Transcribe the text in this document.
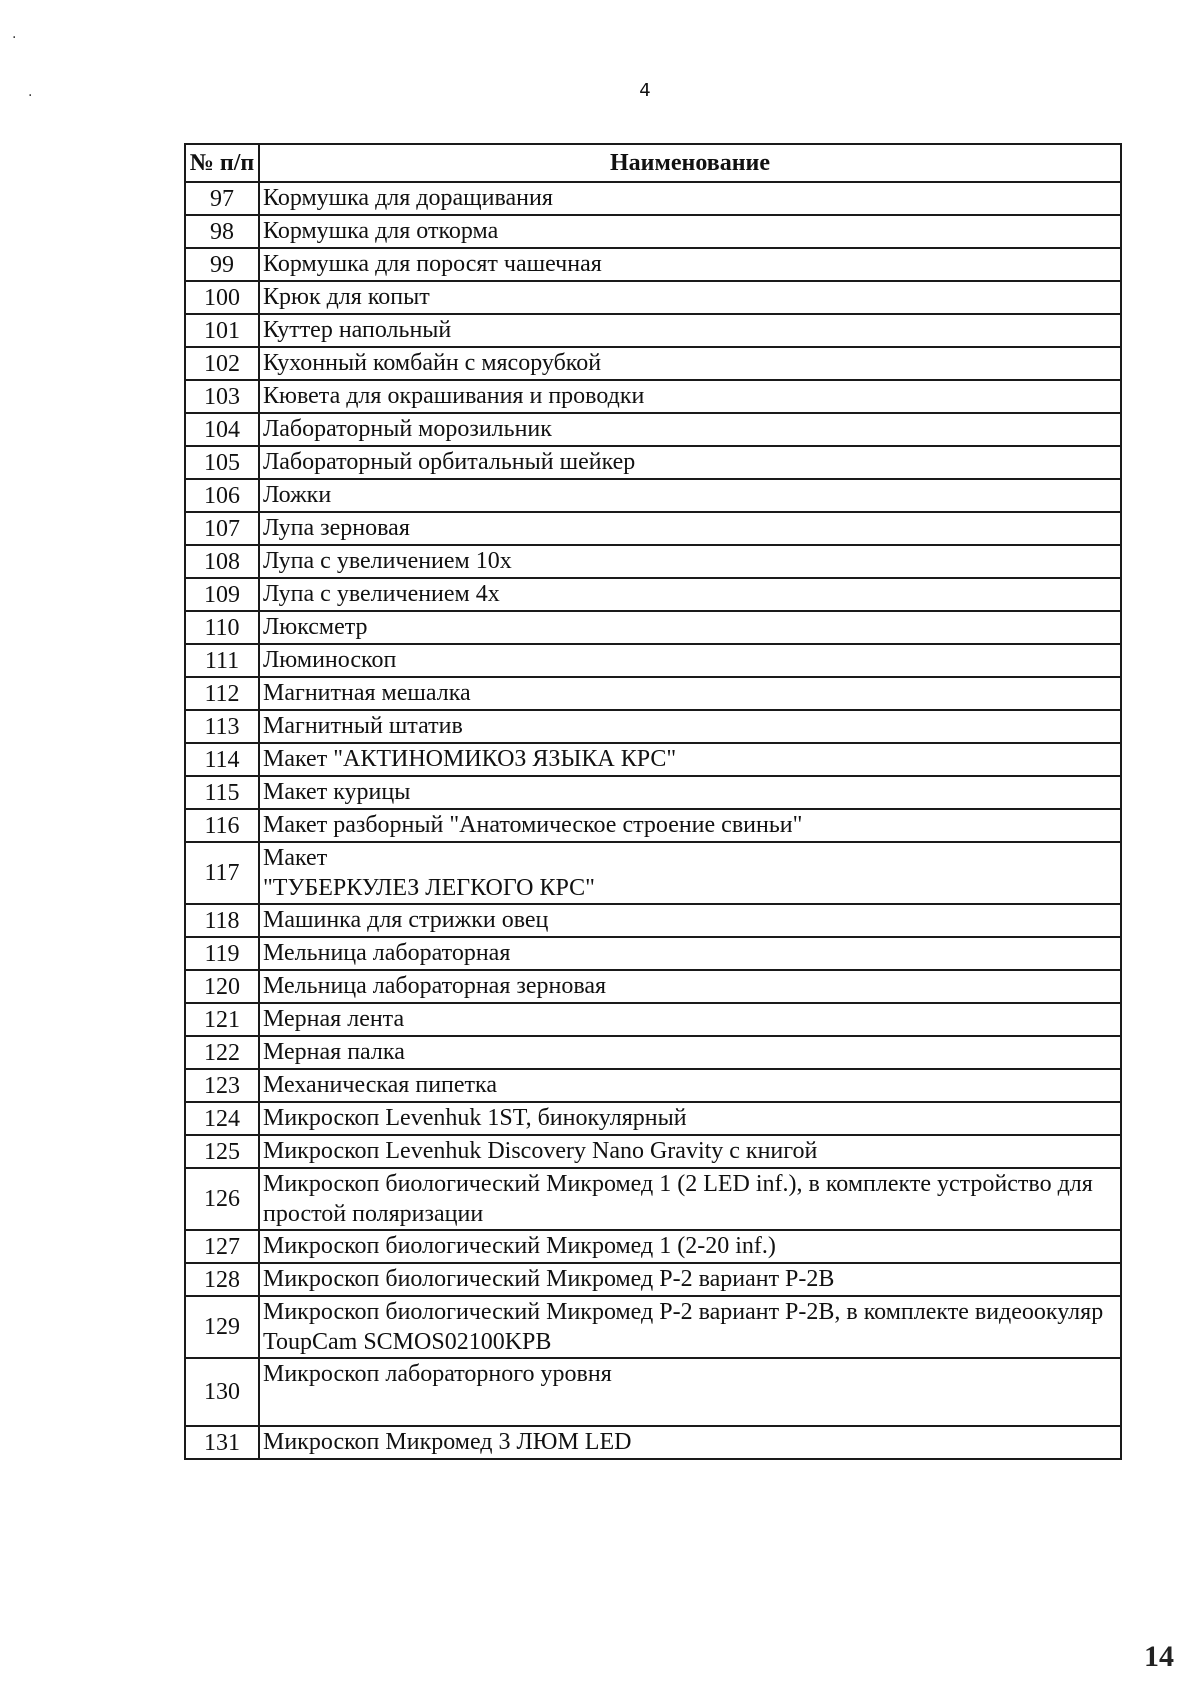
4
·
·
№ п/п	Наименование
97	Кормушка для доращивания
98	Кормушка для откорма
99	Кормушка для поросят чашечная
100	Крюк для копыт
101	Куттер напольный
102	Кухонный комбайн с мясорубкой
103	Кювета для окрашивания и проводки
104	Лабораторный морозильник
105	Лабораторный орбитальный шейкер
106	Ложки
107	Лупа зерновая
108	Лупа с увеличением 10х
109	Лупа с увеличением 4х
110	Люксметр
111	Люминоскоп
112	Магнитная мешалка
113	Магнитный штатив
114	Макет "АКТИНОМИКОЗ ЯЗЫКА КРС"
115	Макет курицы
116	Макет разборный "Анатомическое строение свиньи"
117	Макет
"ТУБЕРКУЛЕЗ ЛЕГКОГО КРС"
118	Машинка для стрижки овец
119	Мельница лабораторная
120	Мельница лабораторная зерновая
121	Мерная лента
122	Мерная палка
123	Механическая пипетка
124	Микроскоп Levenhuk 1ST, бинокулярный
125	Микроскоп Levenhuk Discovery Nano Gravity с книгой
126	Микроскоп биологический Микромед 1 (2 LED inf.), в комплекте устройство для простой поляризации
127	Микроскоп биологический Микромед 1 (2-20 inf.)
128	Микроскоп биологический Микромед Р-2 вариант Р-2В
129	Микроскоп биологический Микромед Р-2 вариант Р-2В, в комплекте видеоокуляр ToupCam SCMOS02100KPB
130	Микроскоп лабораторного уровня
131	Микроскоп Микромед 3 ЛЮМ LED
14
